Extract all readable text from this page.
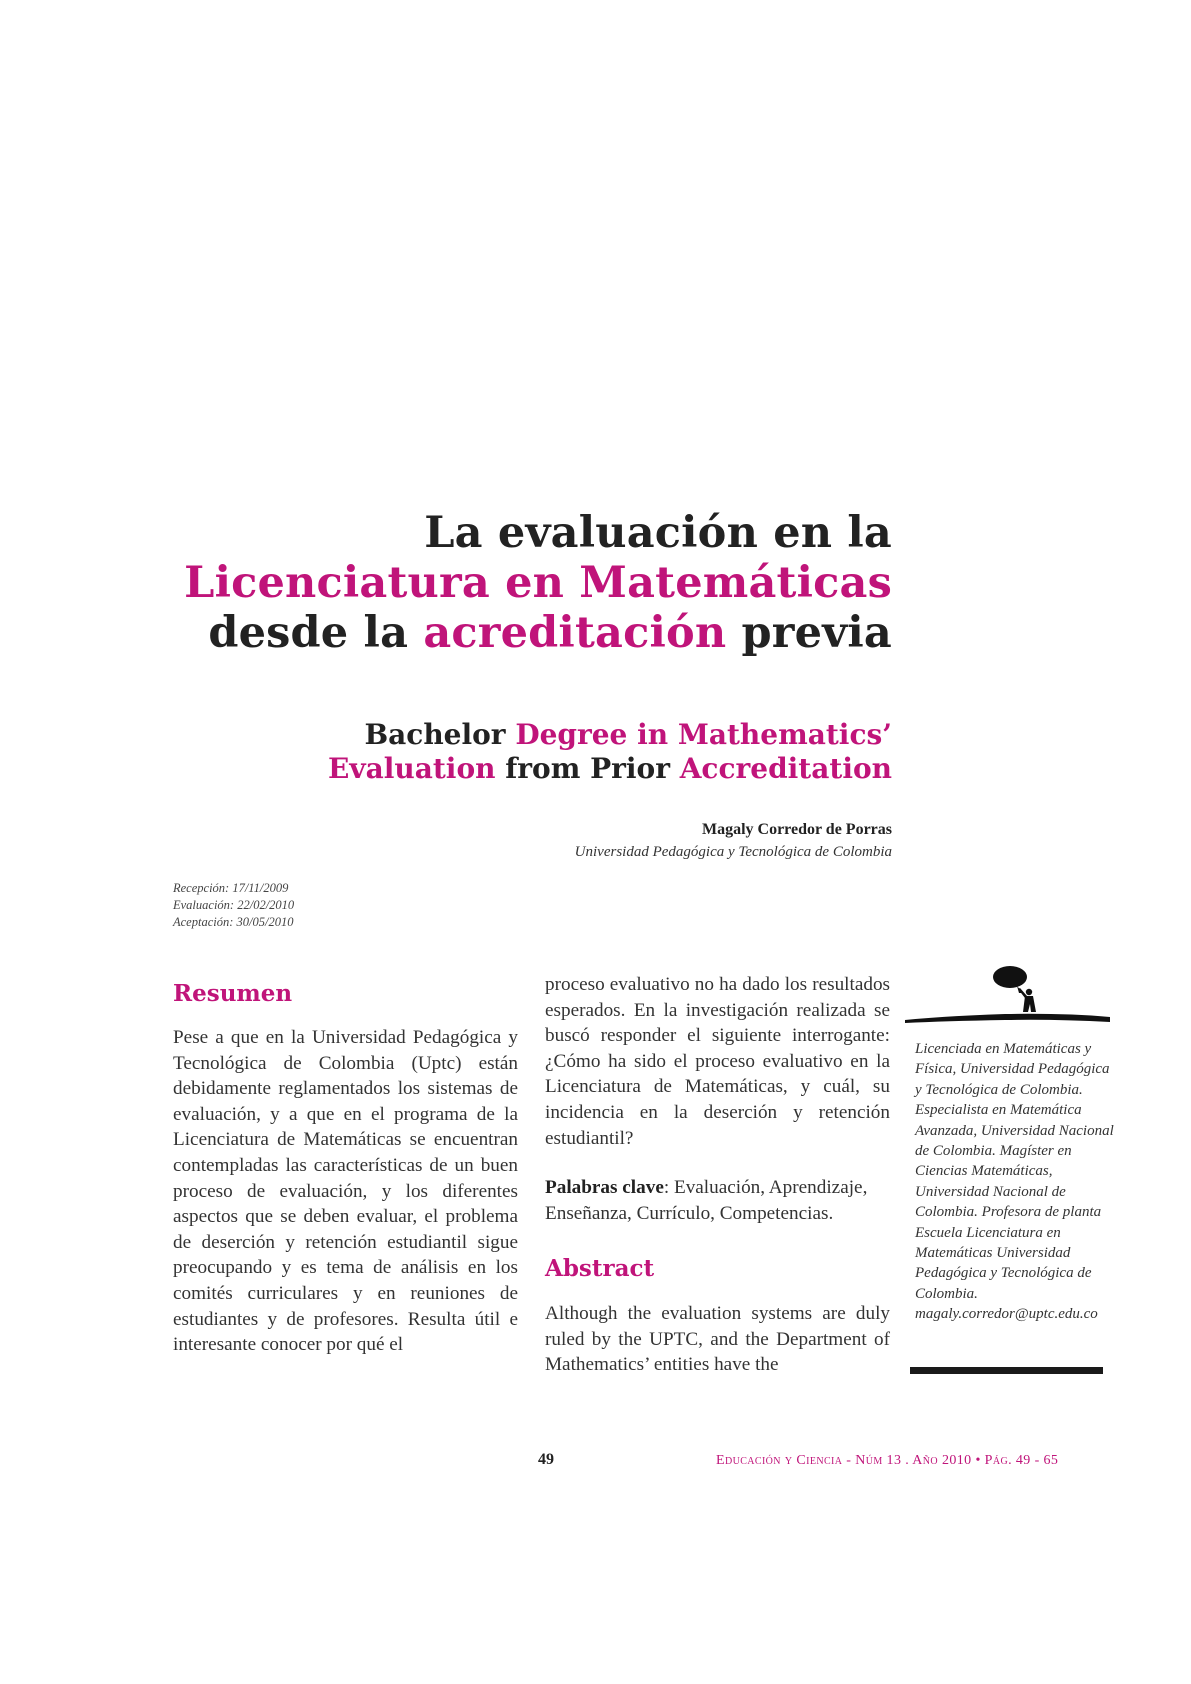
La evaluación en la
Licenciatura en Matemáticas
desde la acreditación previa
Bachelor Degree in Mathematics’
Evaluation from Prior Accreditation
Magaly Corredor de Porras
Universidad Pedagógica y Tecnológica de Colombia
Recepción: 17/11/2009
Evaluación: 22/02/2010
Aceptación: 30/05/2010
Resumen
Pese a que en la Universidad Pedagógica y Tecnológica de Colombia (Uptc) están debidamente reglamentados los sistemas de evaluación, y a que en el programa de la Licenciatura de Matemáticas se encuentran contempladas las características de un buen proceso de evaluación, y los diferentes aspectos que se deben evaluar, el problema de deserción y retención estudiantil sigue preocupando y es tema de análisis en los comités curriculares y en reuniones de estudiantes y de profesores. Resulta útil e interesante conocer por qué el
proceso evaluativo no ha dado los resultados esperados. En la investigación realizada se buscó responder el siguiente interrogante: ¿Cómo ha sido el proceso evaluativo en la Licenciatura de Matemáticas, y cuál, su incidencia en la deserción y retención estudiantil?
Palabras clave: Evaluación, Aprendizaje, Enseñanza, Currículo, Competencias.
Abstract
Although the evaluation systems are duly ruled by the UPTC, and the Department of Mathematics’ entities have the
Licenciada en Matemáticas y Física, Universidad Pedagógica y Tecnológica de Colombia. Especialista en Matemática Avanzada, Universidad Nacional de Colombia. Magíster en Ciencias Matemáticas, Universidad Nacional de Colombia. Profesora de planta Escuela Licenciatura en Matemáticas Universidad Pedagógica y Tecnológica de Colombia.
magaly.corredor@uptc.edu.co
49	Educación y Ciencia - Núm 13 . Año 2010 • Pág. 49 - 65
